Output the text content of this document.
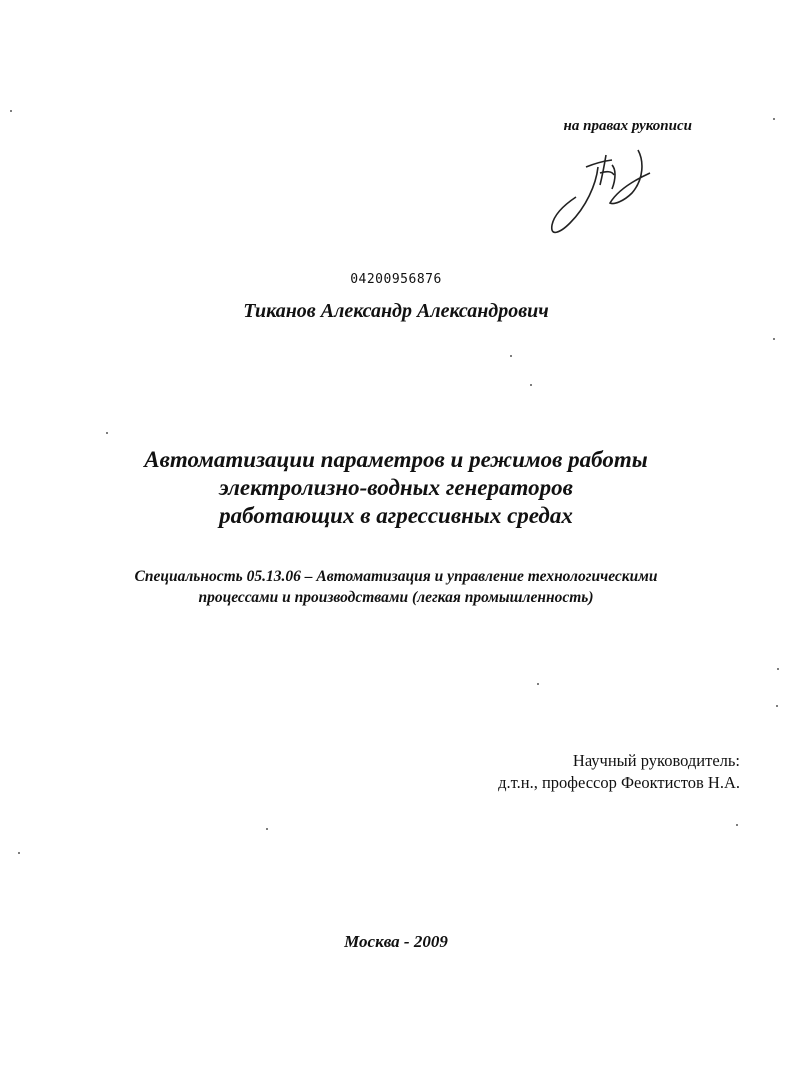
на правах рукописи
04200956876
Тиканов Александр Александрович
Автоматизации параметров и режимов работы
электролизно-водных генераторов
работающих в агрессивных средах
Специальность 05.13.06 – Автоматизация и управление технологическими
процессами и производствами (легкая промышленность)
Научный руководитель:
д.т.н., профессор Феоктистов Н.А.
Москва - 2009
